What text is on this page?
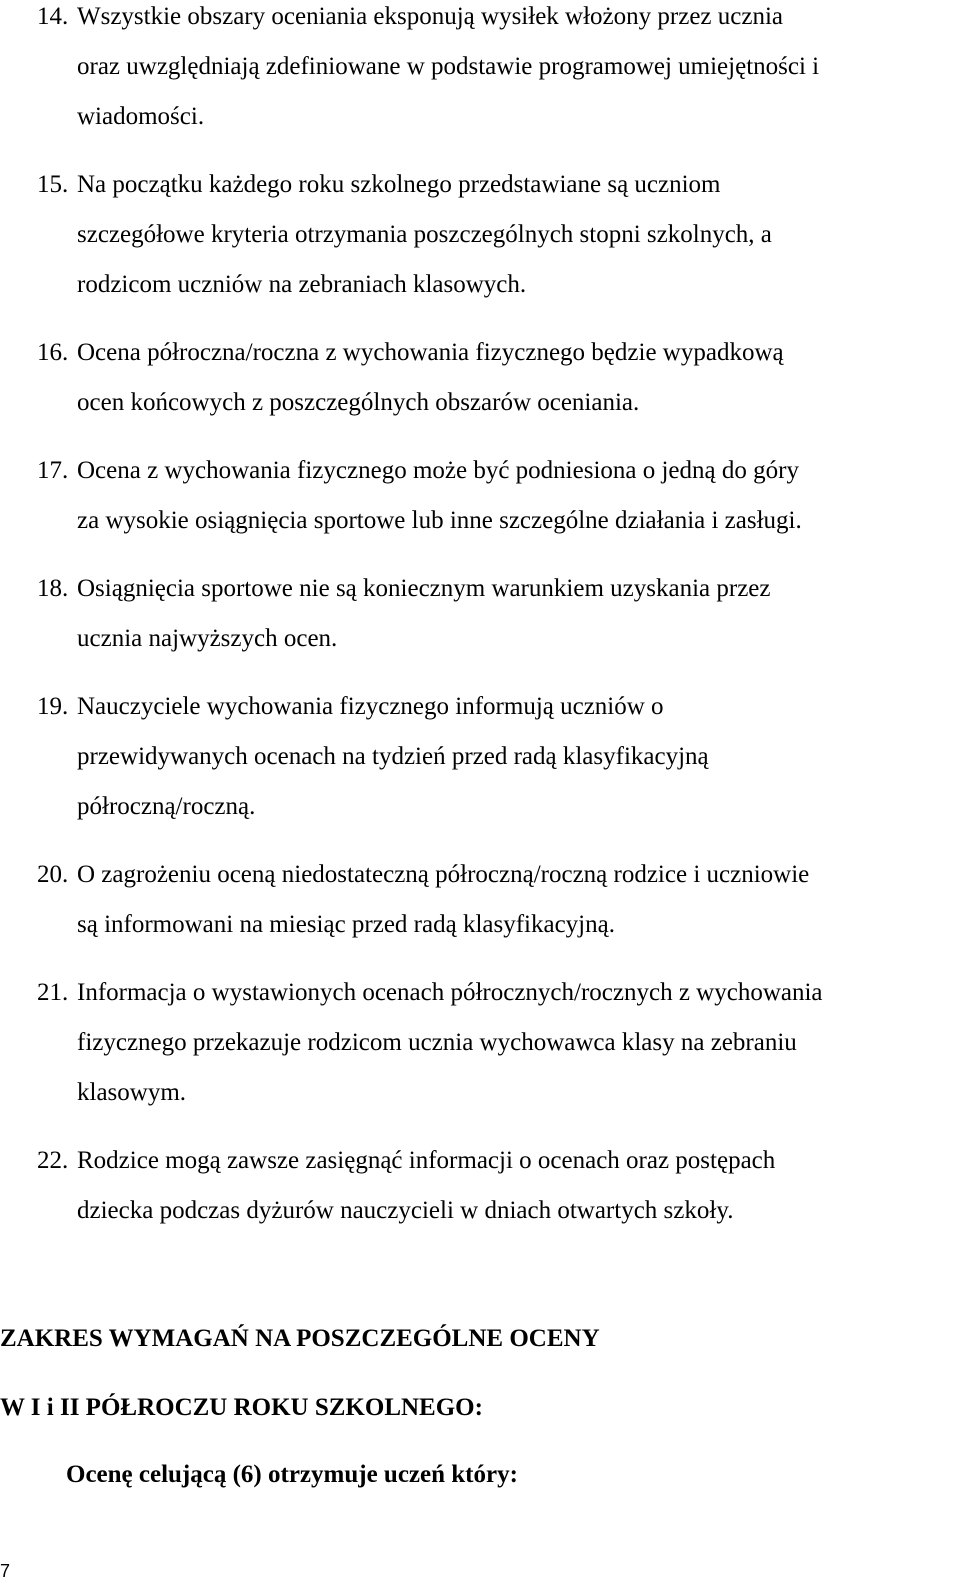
14. Wszystkie obszary oceniania eksponują wysiłek włożony przez ucznia
oraz uwzględniają zdefiniowane w podstawie programowej umiejętności i
wiadomości.
15. Na początku każdego roku szkolnego przedstawiane są uczniom
szczegółowe kryteria otrzymania poszczególnych stopni szkolnych, a
rodzicom uczniów na zebraniach klasowych.
16. Ocena półroczna/roczna z wychowania fizycznego będzie wypadkową
ocen końcowych z poszczególnych obszarów oceniania.
17. Ocena z wychowania fizycznego może być podniesiona o jedną do góry
za wysokie osiągnięcia sportowe lub inne szczególne działania i zasługi.
18. Osiągnięcia sportowe nie są koniecznym warunkiem uzyskania przez
ucznia najwyższych ocen.
19. Nauczyciele wychowania fizycznego informują uczniów o
przewidywanych ocenach na tydzień przed radą klasyfikacyjną
półroczną/roczną.
20. O zagrożeniu oceną niedostateczną półroczną/roczną rodzice i uczniowie
są informowani na miesiąc przed radą klasyfikacyjną.
21. Informacja o wystawionych ocenach półrocznych/rocznych z wychowania
fizycznego przekazuje rodzicom ucznia wychowawca klasy na zebraniu
klasowym.
22. Rodzice mogą zawsze zasięgnąć informacji o ocenach oraz postępach
dziecka podczas dyżurów nauczycieli w dniach otwartych szkoły.
ZAKRES WYMAGAŃ NA POSZCZEGÓLNE OCENY
W I i II PÓŁROCZU ROKU SZKOLNEGO:
Ocenę celującą (6) otrzymuje uczeń który:
7
